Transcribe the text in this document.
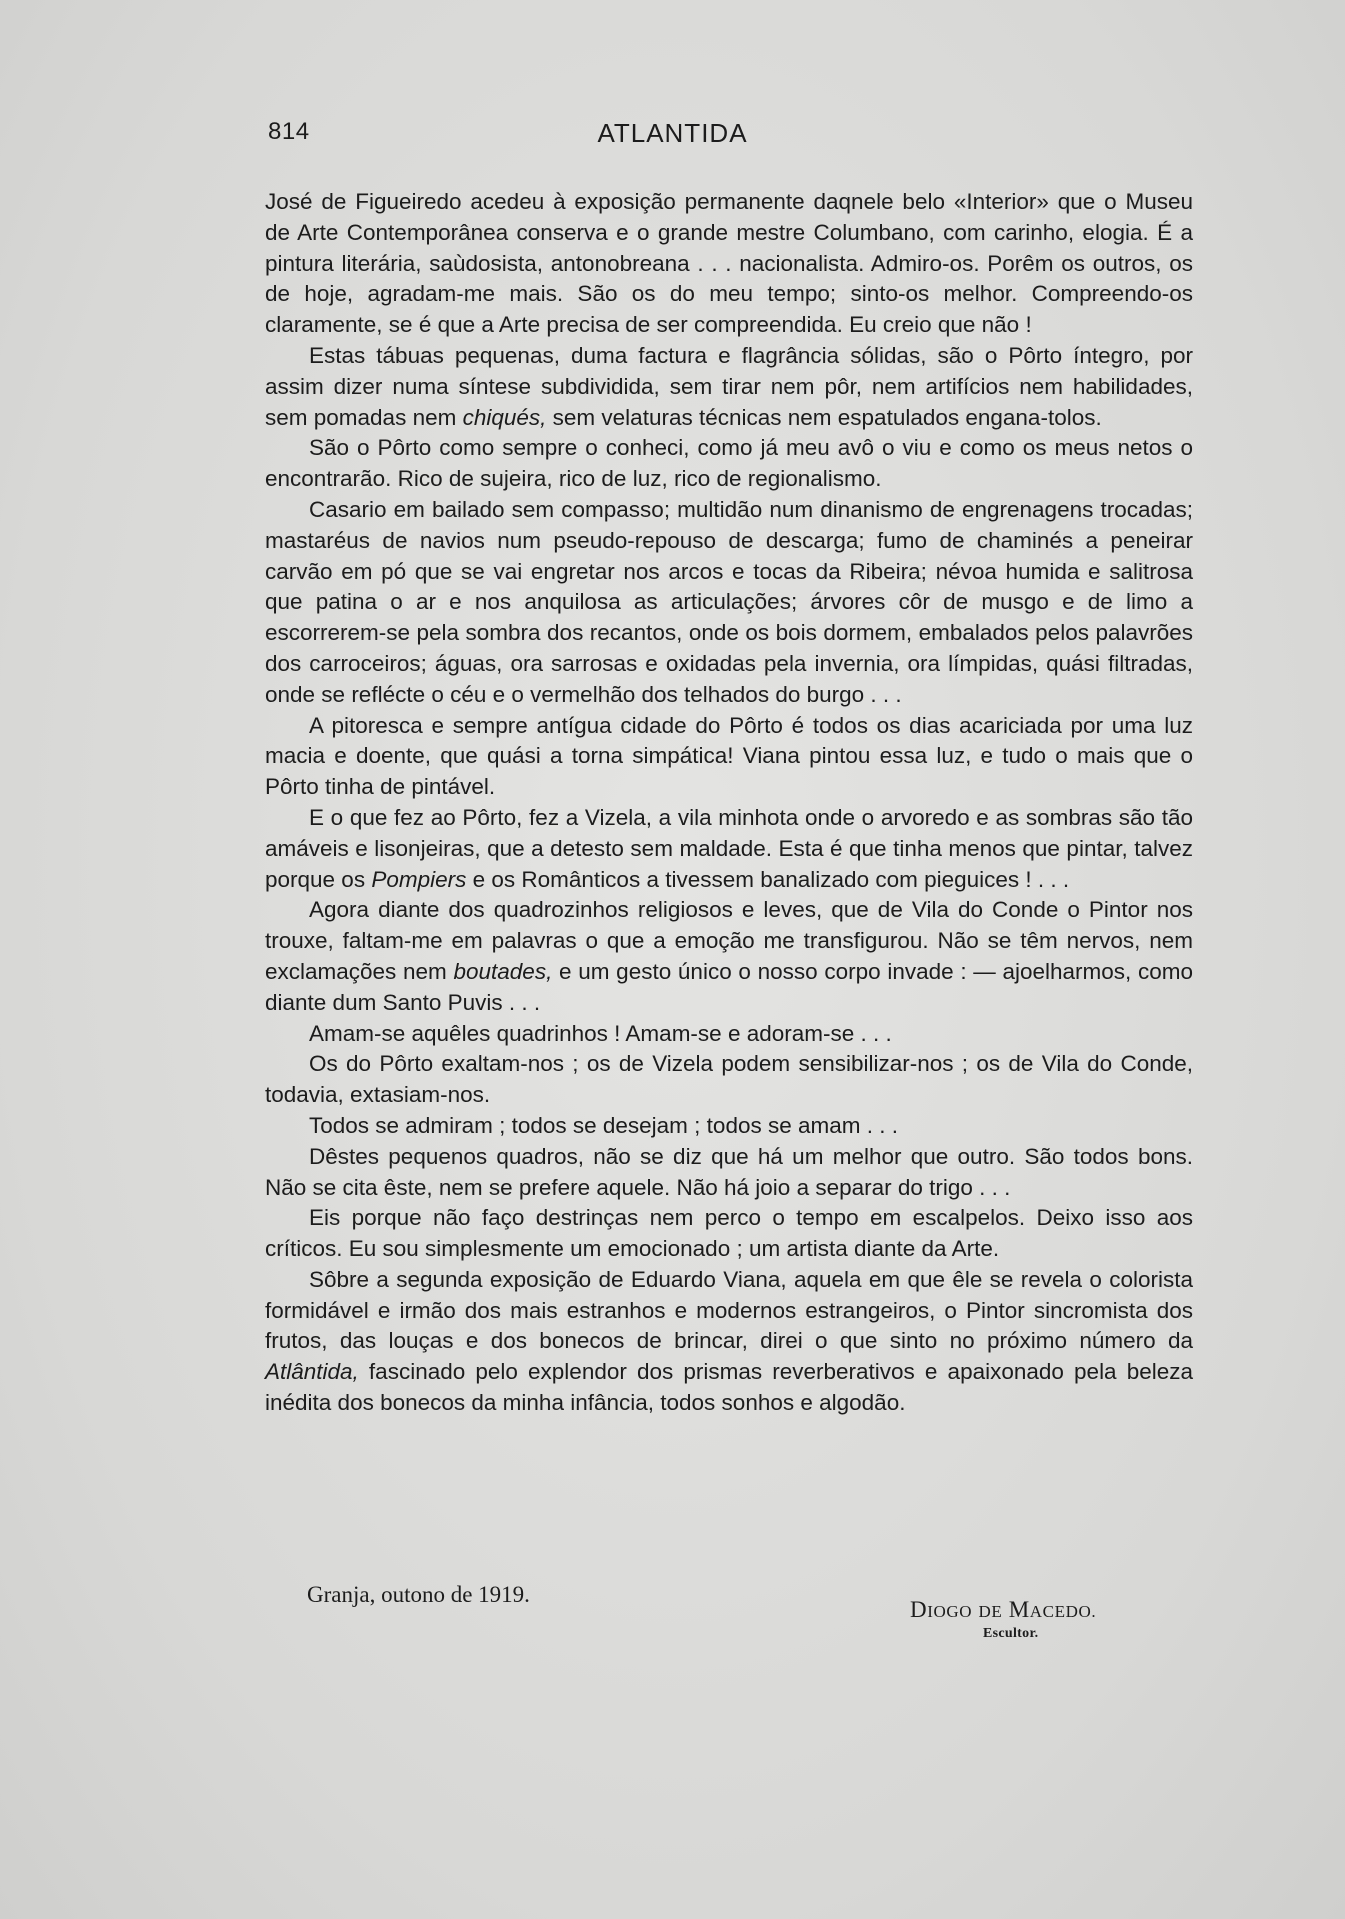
814	ATLANTIDA

José de Figueiredo acedeu à exposição permanente daqnele belo «Interior» que o Museu de Arte Contemporânea conserva e o grande mestre Columbano, com carinho, elogia. É a pintura literária, saùdosista, antonobreana . . . nacionalista. Admiro-os. Porêm os outros, os de hoje, agradam-me mais. São os do meu tempo; sinto-os melhor. Compreendo-os claramente, se é que a Arte precisa de ser compreendida. Eu creio que não !

Estas tábuas pequenas, duma factura e flagrância sólidas, são o Pôrto íntegro, por assim dizer numa síntese subdividida, sem tirar nem pôr, nem artifícios nem habilidades, sem pomadas nem chiqués, sem velaturas técnicas nem espatulados engana-tolos.

São o Pôrto como sempre o conheci, como já meu avô o viu e como os meus netos o encontrarão. Rico de sujeira, rico de luz, rico de regionalismo.

Casario em bailado sem compasso; multidão num dinanismo de engrenagens trocadas; mastaréus de navios num pseudo-repouso de descarga; fumo de chaminés a peneirar carvão em pó que se vai engretar nos arcos e tocas da Ribeira; névoa humida e salitrosa que patina o ar e nos anquilosa as articulações; árvores côr de musgo e de limo a escorrerem-se pela sombra dos recantos, onde os bois dormem, embalados pelos palavrões dos carroceiros; águas, ora sarrosas e oxidadas pela invernia, ora límpidas, quási filtradas, onde se reflécte o céu e o vermelhão dos telhados do burgo . . .

A pitoresca e sempre antígua cidade do Pôrto é todos os dias acariciada por uma luz macia e doente, que quási a torna simpática! Viana pintou essa luz, e tudo o mais que o Pôrto tinha de pintável.

E o que fez ao Pôrto, fez a Vizela, a vila minhota onde o arvoredo e as sombras são tão amáveis e lisonjeiras, que a detesto sem maldade. Esta é que tinha menos que pintar, talvez porque os Pompiers e os Românticos a tivessem banalizado com pieguices ! . . .

Agora diante dos quadrozinhos religiosos e leves, que de Vila do Conde o Pintor nos trouxe, faltam-me em palavras o que a emoção me transfigurou. Não se têm nervos, nem exclamações nem boutades, e um gesto único o nosso corpo invade : — ajoelharmos, como diante dum Santo Puvis . . .

Amam-se aquêles quadrinhos ! Amam-se e adoram-se . . .

Os do Pôrto exaltam-nos ; os de Vizela podem sensibilizar-nos ; os de Vila do Conde, todavia, extasiam-nos.

Todos se admiram ; todos se desejam ; todos se amam . . .

Dêstes pequenos quadros, não se diz que há um melhor que outro. São todos bons. Não se cita êste, nem se prefere aquele. Não há joio a separar do trigo . . .

Eis porque não faço destrinças nem perco o tempo em escalpelos. Deixo isso aos críticos. Eu sou simplesmente um emocionado ; um artista diante da Arte.

Sôbre a segunda exposição de Eduardo Viana, aquela em que êle se revela o colorista formidável e irmão dos mais estranhos e modernos estrangeiros, o Pintor sincromista dos frutos, das louças e dos bonecos de brincar, direi o que sinto no próximo número da Atlântida, fascinado pelo explendor dos prismas reverberativos e apaixonado pela beleza inédita dos bonecos da minha infância, todos sonhos e algodão.

Granja, outono de 1919.
DIOGO DE MACEDO.
Escultor.
